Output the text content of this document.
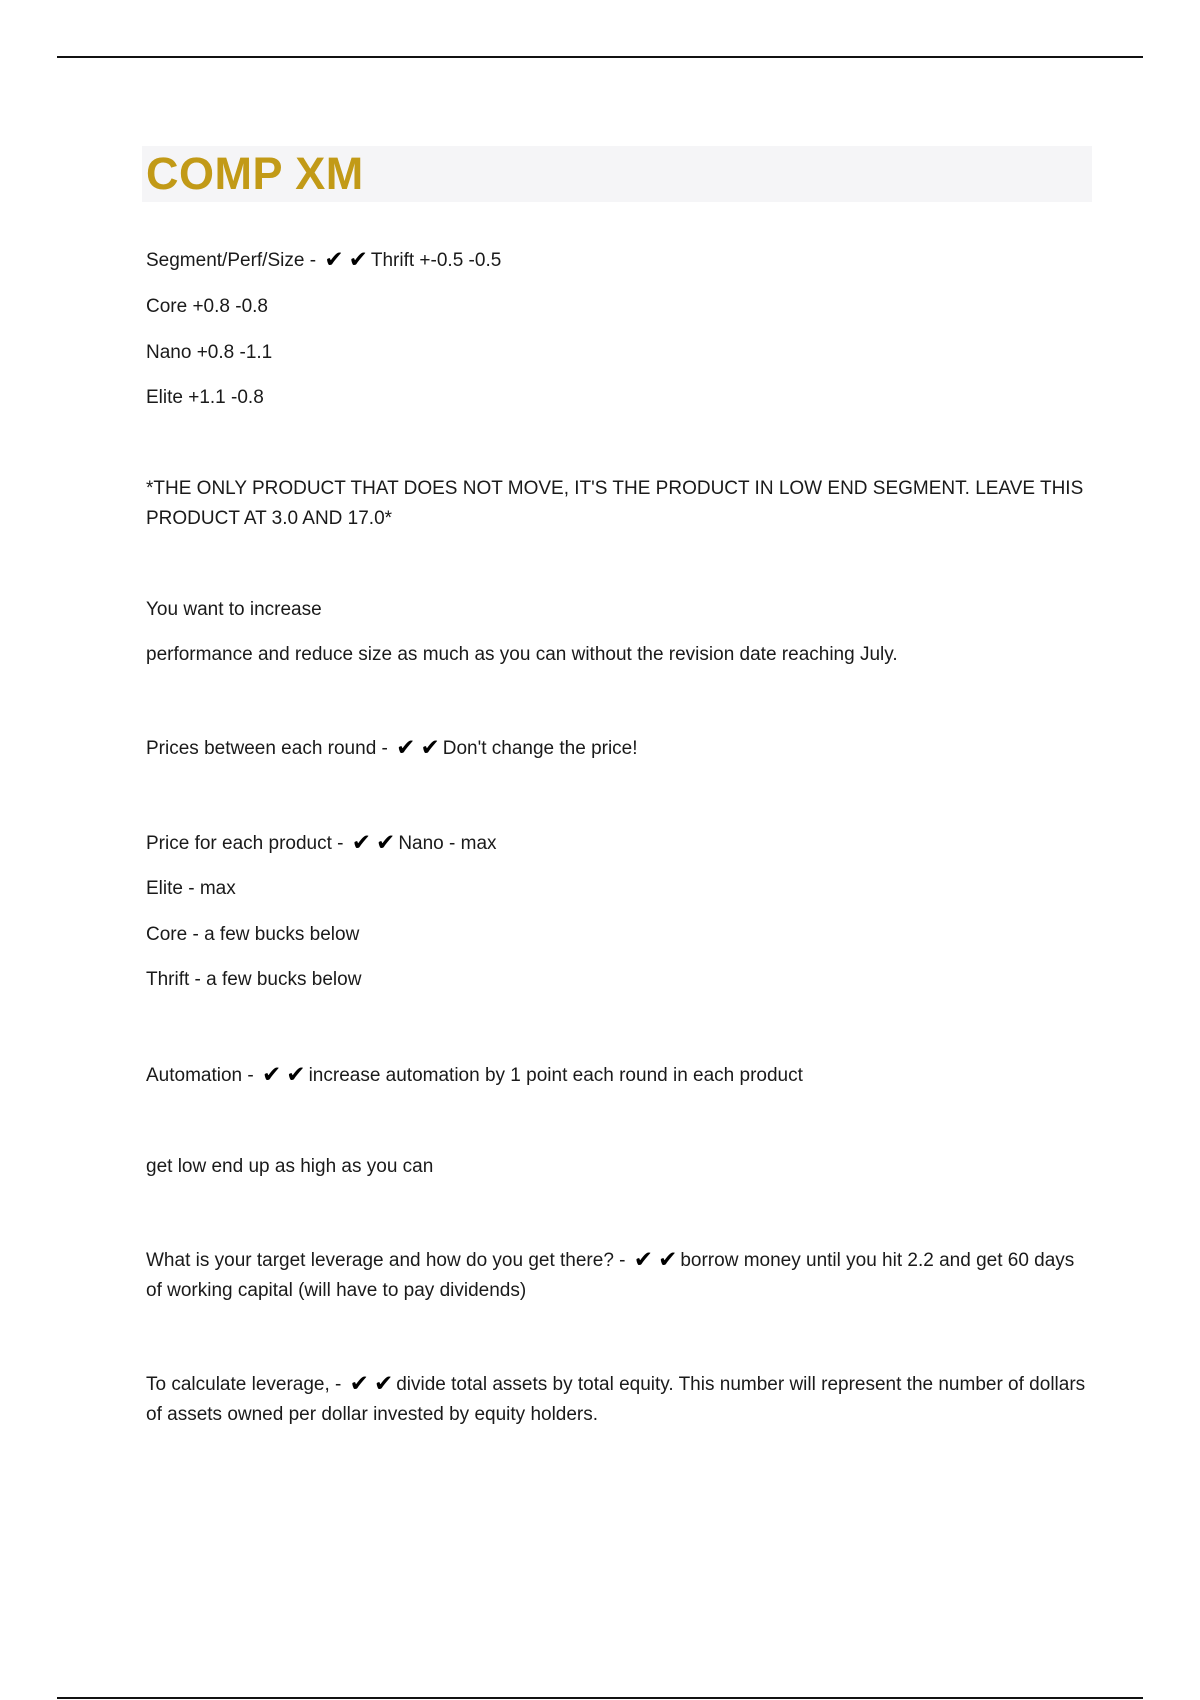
COMP XM

Segment/Perf/Size - ✔ ✔ Thrift +-0.5 -0.5

Core +0.8 -0.8

Nano +0.8 -1.1

Elite +1.1 -0.8

*THE ONLY PRODUCT THAT DOES NOT MOVE, IT'S THE PRODUCT IN LOW END SEGMENT. LEAVE THIS PRODUCT AT 3.0 AND 17.0*

You want to increase

performance and reduce size as much as you can without the revision date reaching July.

Prices between each round - ✔ ✔ Don't change the price!

Price for each product - ✔ ✔ Nano - max

Elite - max

Core - a few bucks below

Thrift - a few bucks below

Automation - ✔ ✔ increase automation by 1 point each round in each product

get low end up as high as you can

What is your target leverage and how do you get there? - ✔ ✔ borrow money until you hit 2.2 and get 60 days of working capital (will have to pay dividends)

To calculate leverage, - ✔ ✔ divide total assets by total equity. This number will represent the number of dollars of assets owned per dollar invested by equity holders.
